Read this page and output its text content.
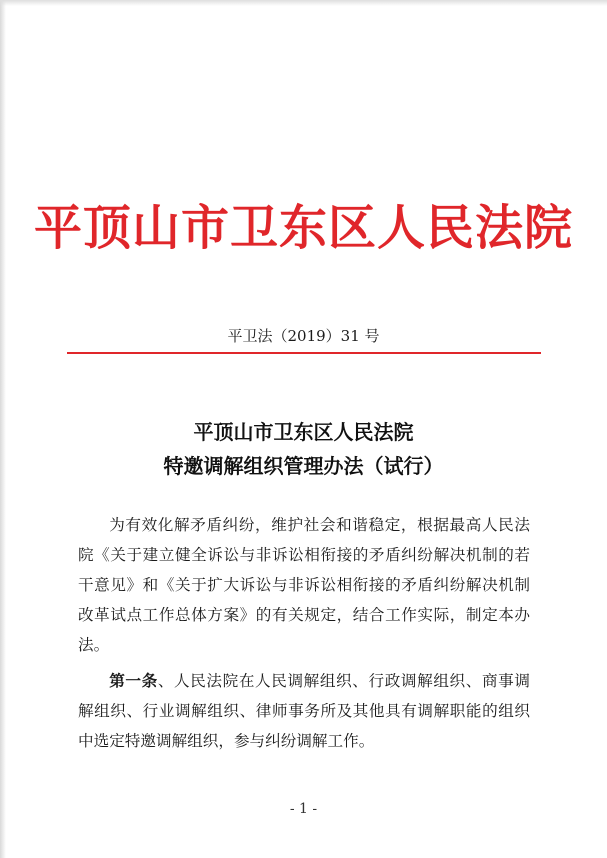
平顶山市卫东区人民法院
平卫法（2019）31 号
平顶山市卫东区人民法院
特邀调解组织管理办法（试行）

为有效化解矛盾纠纷，维护社会和谐稳定，根据最高人民法院《关于建立健全诉讼与非诉讼相衔接的矛盾纠纷解决机制的若干意见》和《关于扩大诉讼与非诉讼相衔接的矛盾纠纷解决机制改革试点工作总体方案》的有关规定，结合工作实际，制定本办法。

第一条、人民法院在人民调解组织、行政调解组织、商事调解组织、行业调解组织、律师事务所及其他具有调解职能的组织中选定特邀调解组织，参与纠纷调解工作。

- 1 -
